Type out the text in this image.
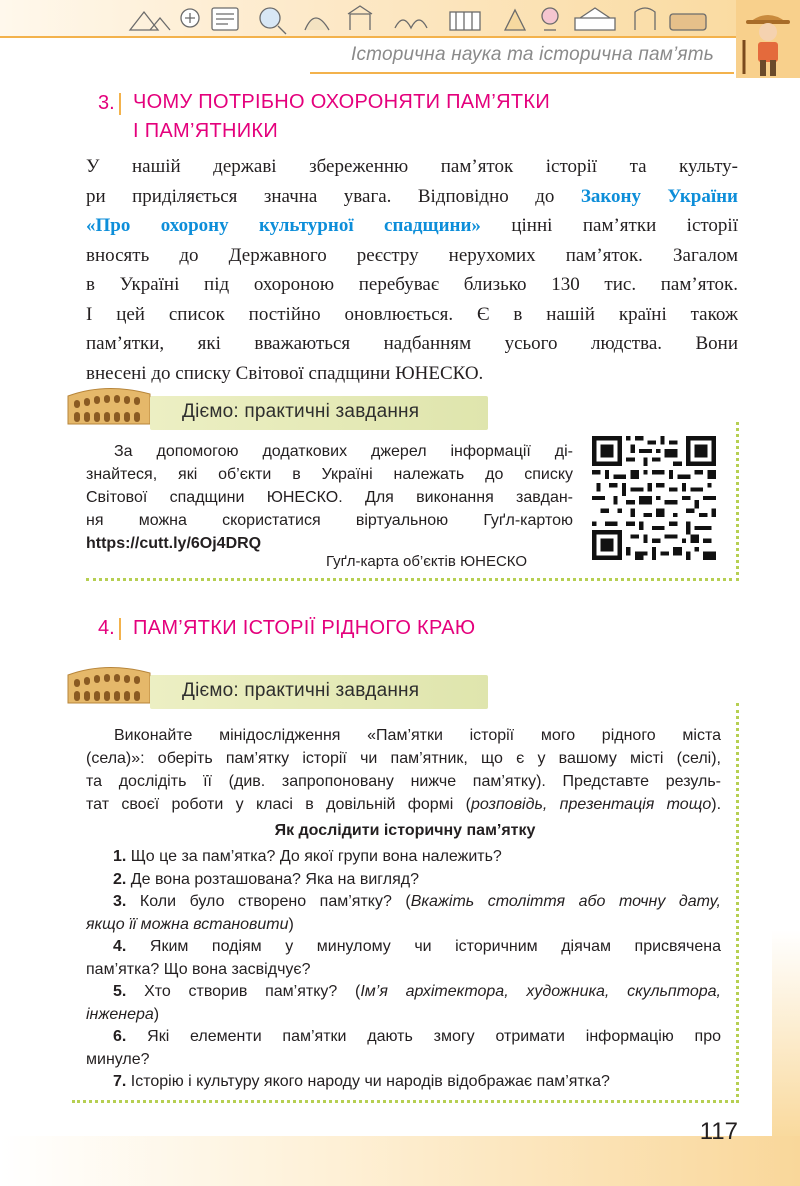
Історична наука та історична пам’ять
3. ЧОМУ ПОТРІБНО ОХОРОНЯТИ ПАМ’ЯТКИ
І ПАМ’ЯТНИКИ
У нашій державі збереженню пам’яток історії та культу-
ри приділяється значна увага. Відповідно до Закону України
«Про охорону культурної спадщини» цінні пам’ятки історії
вносять до Державного реєстру нерухомих пам’яток. Загалом
в Україні під охороною перебуває близько 130 тис. пам’яток.
І цей список постійно оновлюється. Є в нашій країні також
пам’ятки, які вважаються надбанням усього людства. Вони
внесені до списку Світової спадщини ЮНЕСКО.
Діємо: практичні завдання
За допомогою додаткових джерел інформації ді-
знайтеся, які об’єкти в Україні належать до списку
Світової спадщини ЮНЕСКО. Для виконання завдан-
ня можна скористатися віртуальною Гуґл-картою
https://cutt.ly/6Oj4DRQ
Гуґл-карта об’єктів ЮНЕСКО
4. ПАМ’ЯТКИ ІСТОРІЇ РІДНОГО КРАЮ
Діємо: практичні завдання
Виконайте мінідослідження «Пам’ятки історії мого рідного міста
(села)»: оберіть пам’ятку історії чи пам’ятник, що є у вашому місті (селі),
та дослідіть її (див. запропоновану нижче пам’ятку). Представте резуль-
тат своєї роботи у класі в довільній формі (розповідь, презентація тощо).
Як дослідити історичну пам’ятку
1. Що це за пам’ятка? До якої групи вона належить?
2. Де вона розташована? Яка на вигляд?
3. Коли було створено пам’ятку? (Вкажіть століття або точну дату,
якщо її можна встановити)
4. Яким подіям у минулому чи історичним діячам присвячена
пам’ятка? Що вона засвідчує?
5. Хто створив пам’ятку? (Ім’я архітектора, художника, скульптора,
інженера)
6. Які елементи пам’ятки дають змогу отримати інформацію про
минуле?
7. Історію і культуру якого народу чи народів відображає пам’ятка?
117
